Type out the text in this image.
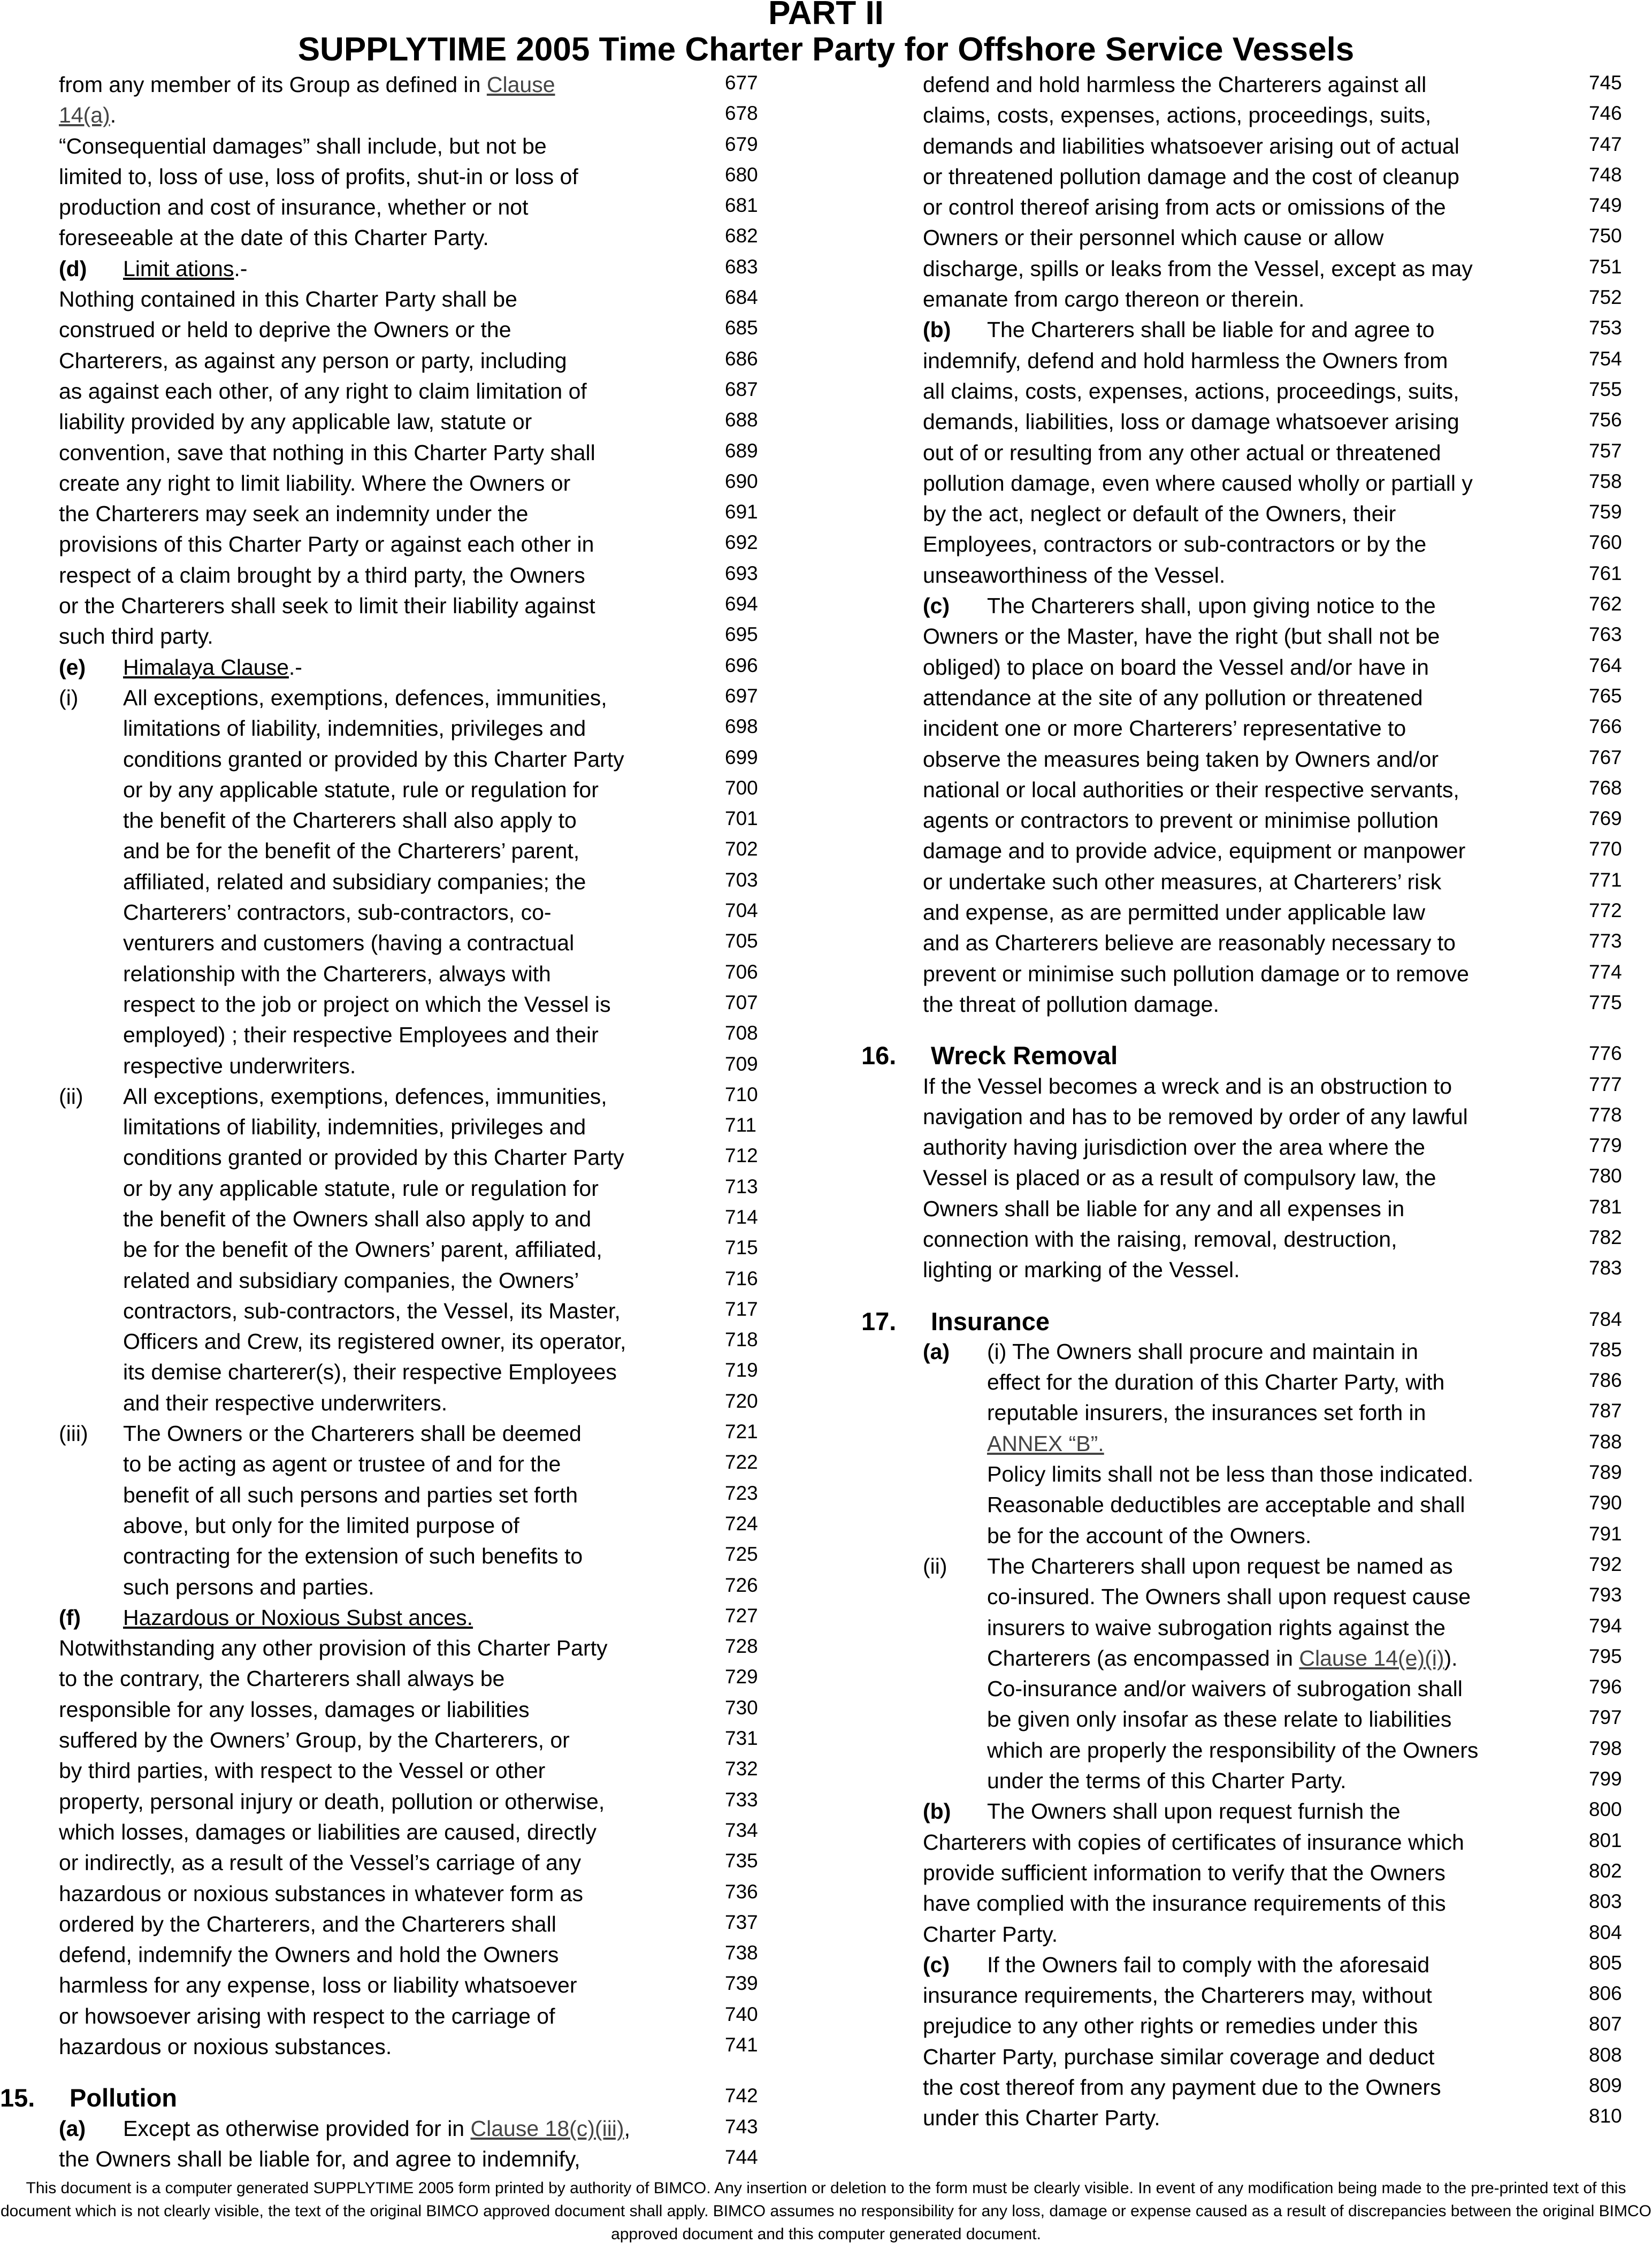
PART II
SUPPLYTIME 2005 Time Charter Party for Offshore Service Vessels
from any member of its Group as defined in Clause	677
14(a).	678
“Consequential damages” shall include, but not be	679
limited to, loss of use, loss of profits, shut-in or loss of	680
production and cost of insurance, whether or not	681
foreseeable at the date of this Charter Party.	682
(d) Limit ations.-	683
Nothing contained in this Charter Party shall be	684
construed or held to deprive the Owners or the	685
Charterers, as against any person or party, including	686
as against each other, of any right to claim limitation of	687
liability provided by any applicable law, statute or	688
convention, save that nothing in this Charter Party shall	689
create any right to limit liability. Where the Owners or	690
the Charterers may seek an indemnity under the	691
provisions of this Charter Party or against each other in	692
respect of a claim brought by a third party, the Owners	693
or the Charterers shall seek to limit their liability against	694
such third party.	695
(e) Himalaya Clause.-	696
(i) All exceptions, exemptions, defences, immunities,	697
limitations of liability, indemnities, privileges and	698
conditions granted or provided by this Charter Party	699
or by any applicable statute, rule or regulation for	700
the benefit of the Charterers shall also apply to	701
and be for the benefit of the Charterers’ parent,	702
affiliated, related and subsidiary companies; the	703
Charterers’ contractors, sub-contractors, co-	704
venturers and customers (having a contractual	705
relationship with the Charterers, always with	706
respect to the job or project on which the Vessel is	707
employed) ; their respective Employees and their	708
respective underwriters.	709
(ii) All exceptions, exemptions, defences, immunities,	710
limitations of liability, indemnities, privileges and	711
conditions granted or provided by this Charter Party	712
or by any applicable statute, rule or regulation for	713
the benefit of the Owners shall also apply to and	714
be for the benefit of the Owners’ parent, affiliated,	715
related and subsidiary companies, the Owners’	716
contractors, sub-contractors, the Vessel, its Master,	717
Officers and Crew, its registered owner, its operator,	718
its demise charterer(s), their respective Employees	719
and their respective underwriters.	720
(iii) The Owners or the Charterers shall be deemed	721
to be acting as agent or trustee of and for the	722
benefit of all such persons and parties set forth	723
above, but only for the limited purpose of	724
contracting for the extension of such benefits to	725
such persons and parties.	726
(f) Hazardous or Noxious Subst ances.	727
Notwithstanding any other provision of this Charter Party	728
to the contrary, the Charterers shall always be	729
responsible for any losses, damages or liabilities	730
suffered by the Owners’ Group, by the Charterers, or	731
by third parties, with respect to the Vessel or other	732
property, personal injury or death, pollution or otherwise,	733
which losses, damages or liabilities are caused, directly	734
or indirectly, as a result of the Vessel’s carriage of any	735
hazardous or noxious substances in whatever form as	736
ordered by the Charterers, and the Charterers shall	737
defend, indemnify the Owners and hold the Owners	738
harmless for any expense, loss or liability whatsoever	739
or howsoever arising with respect to the carriage of	740
hazardous or noxious substances.	741
15. Pollution	742
(a) Except as otherwise provided for in Clause 18(c)(iii),	743
the Owners shall be liable for, and agree to indemnify,	744
defend and hold harmless the Charterers against all	745
claims, costs, expenses, actions, proceedings, suits,	746
demands and liabilities whatsoever arising out of actual	747
or threatened pollution damage and the cost of cleanup	748
or control thereof arising from acts or omissions of the	749
Owners or their personnel which cause or allow	750
discharge, spills or leaks from the Vessel, except as may	751
emanate from cargo thereon or therein.	752
(b) The Charterers shall be liable for and agree to	753
indemnify, defend and hold harmless the Owners from	754
all claims, costs, expenses, actions, proceedings, suits,	755
demands, liabilities, loss or damage whatsoever arising	756
out of or resulting from any other actual or threatened	757
pollution damage, even where caused wholly or partiall y	758
by the act, neglect or default of the Owners, their	759
Employees, contractors or sub-contractors or by the	760
unseaworthiness of the Vessel.	761
(c) The Charterers shall, upon giving notice to the	762
Owners or the Master, have the right (but shall not be	763
obliged) to place on board the Vessel and/or have in	764
attendance at the site of any pollution or threatened	765
incident one or more Charterers’ representative to	766
observe the measures being taken by Owners and/or	767
national or local authorities or their respective servants,	768
agents or contractors to prevent or minimise pollution	769
damage and to provide advice, equipment or manpower	770
or undertake such other measures, at Charterers’ risk	771
and expense, as are permitted under applicable law	772
and as Charterers believe are reasonably necessary to	773
prevent or minimise such pollution damage or to remove	774
the threat of pollution damage.	775
16. Wreck Removal	776
If the Vessel becomes a wreck and is an obstruction to	777
navigation and has to be removed by order of any lawful	778
authority having jurisdiction over the area where the	779
Vessel is placed or as a result of compulsory law, the	780
Owners shall be liable for any and all expenses in	781
connection with the raising, removal, destruction,	782
lighting or marking of the Vessel.	783
17. Insurance	784
(a) (i) The Owners shall procure and maintain in	785
effect for the duration of this Charter Party, with	786
reputable insurers, the insurances set forth in	787
ANNEX “B”.	788
Policy limits shall not be less than those indicated.	789
Reasonable deductibles are acceptable and shall	790
be for the account of the Owners.	791
(ii) The Charterers shall upon request be named as	792
co-insured. The Owners shall upon request cause	793
insurers to waive subrogation rights against the	794
Charterers (as encompassed in Clause 14(e)(i)).	795
Co-insurance and/or waivers of subrogation shall	796
be given only insofar as these relate to liabilities	797
which are properly the responsibility of the Owners	798
under the terms of this Charter Party.	799
(b) The Owners shall upon request furnish the	800
Charterers with copies of certificates of insurance which	801
provide sufficient information to verify that the Owners	802
have complied with the insurance requirements of this	803
Charter Party.	804
(c) If the Owners fail to comply with the aforesaid	805
insurance requirements, the Charterers may, without	806
prejudice to any other rights or remedies under this	807
Charter Party, purchase similar coverage and deduct	808
the cost thereof from any payment due to the Owners	809
under this Charter Party.	810
This document is a computer generated SUPPLYTIME 2005 form printed by authority of BIMCO. Any insertion or deletion to the form must be clearly visible. In event of any modification being made to the pre-printed text of this document which is not clearly visible, the text of the original BIMCO approved document shall apply. BIMCO assumes no responsibility for any loss, damage or expense caused as a result of discrepancies between the original BIMCO approved document and this computer generated document.
